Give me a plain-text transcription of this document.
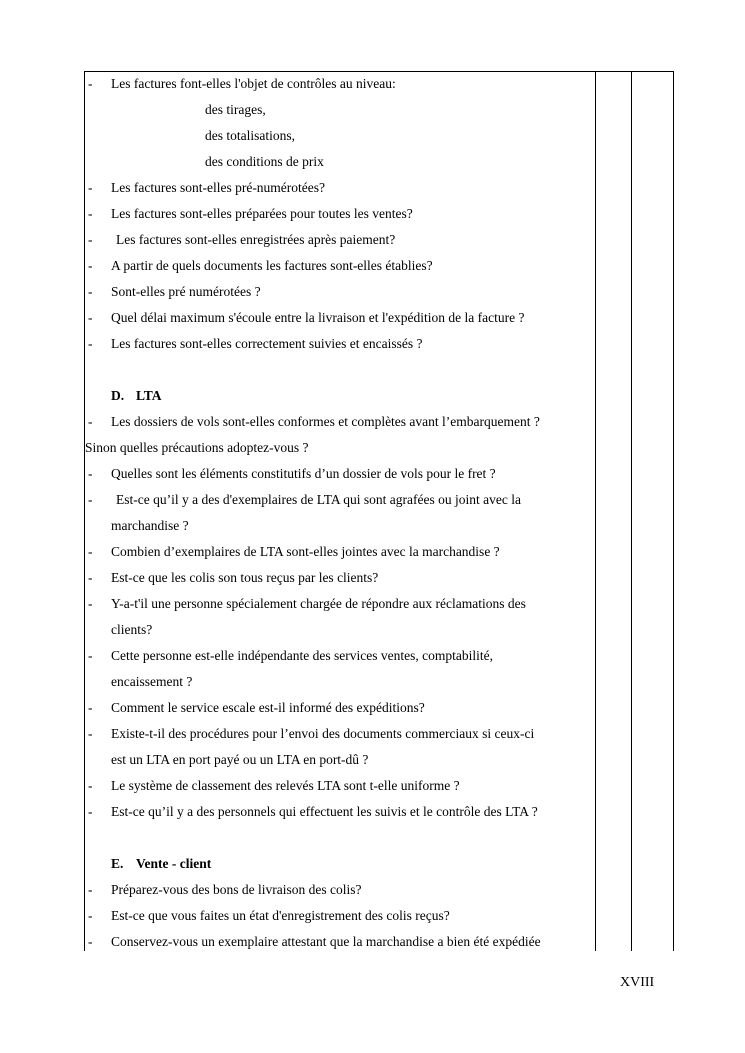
- Les factures font-elles l'objet de contrôles au niveau:
des tirages,
des totalisations,
des conditions de prix
- Les factures sont-elles pré-numérotées?
- Les factures sont-elles préparées pour toutes les ventes?
- Les factures sont-elles enregistrées après paiement?
- A partir de quels documents les factures sont-elles établies?
- Sont-elles pré numérotées ?
- Quel délai maximum s'écoule entre la livraison et l'expédition de la facture ?
- Les factures sont-elles correctement suivies et encaissés ?
D. LTA
- Les dossiers de vols sont-elles conformes et complètes avant l’embarquement ?
Sinon quelles précautions adoptez-vous ?
- Quelles sont les éléments constitutifs d’un dossier de vols pour le fret ?
- Est-ce qu’il y a des d'exemplaires de LTA qui sont agrafées ou joint avec la
marchandise ?
- Combien d’exemplaires de LTA sont-elles jointes avec la marchandise ?
- Est-ce que les colis son tous reçus par les clients?
- Y-a-t'il une personne spécialement chargée de répondre aux réclamations des
clients?
- Cette personne est-elle indépendante des services ventes, comptabilité,
encaissement ?
- Comment le service escale est-il informé des expéditions?
- Existe-t-il des procédures pour l’envoi des documents commerciaux si ceux-ci
est un LTA en port payé ou un LTA en port-dû ?
- Le système de classement des relevés LTA sont t-elle uniforme ?
- Est-ce qu’il y a des personnels qui effectuent les suivis et le contrôle des LTA ?
E. Vente - client
- Préparez-vous des bons de livraison des colis?
- Est-ce que vous faites un état d'enregistrement des colis reçus?
- Conservez-vous un exemplaire attestant que la marchandise a bien été expédiée
XVIII
